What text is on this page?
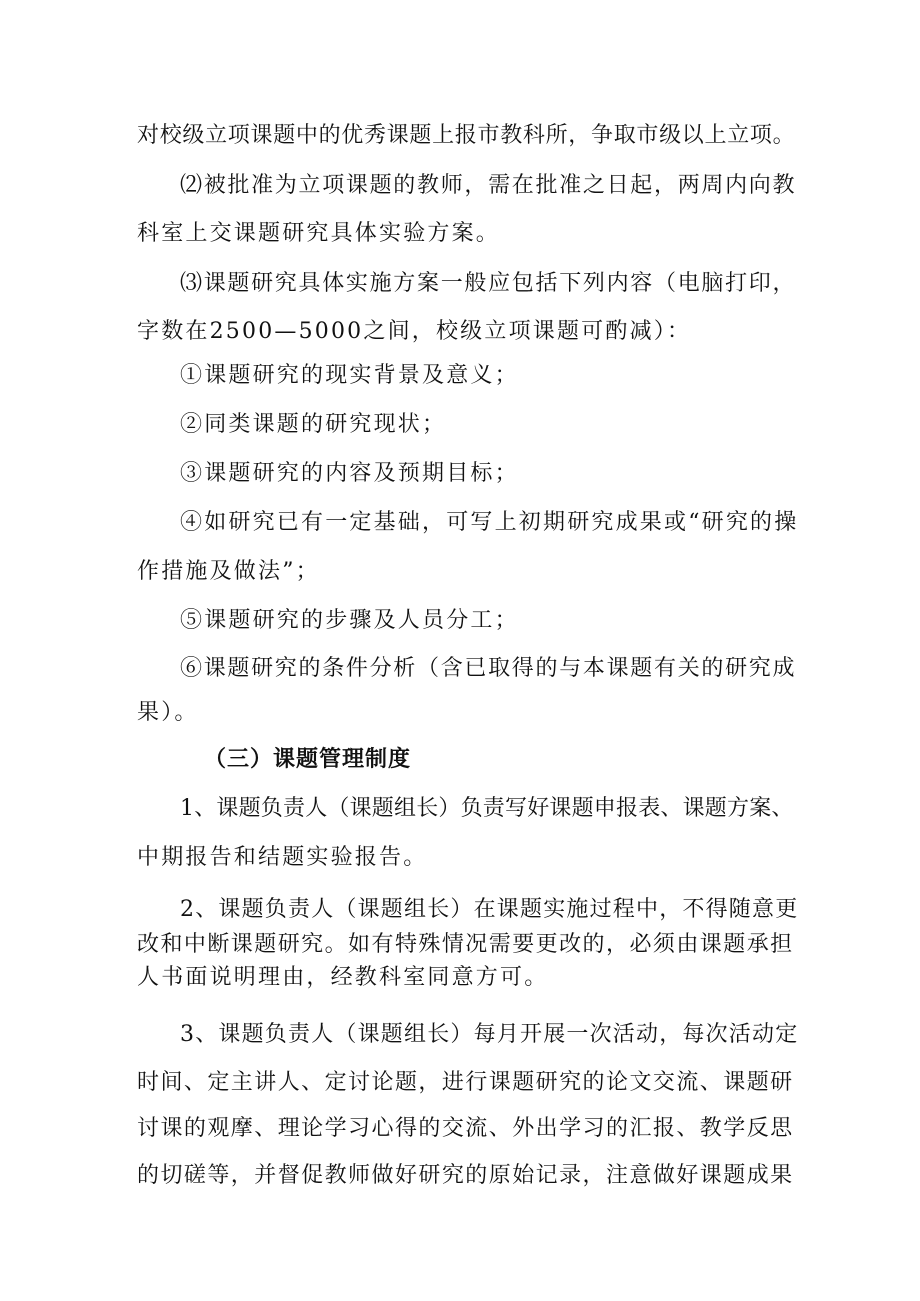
对校级立项课题中的优秀课题上报市教科所，争取市级以上立项。
⑵被批准为立项课题的教师，需在批准之日起，两周内向教
科室上交课题研究具体实验方案。
⑶课题研究具体实施方案一般应包括下列内容（电脑打印，
字数在2500—5000之间，校级立项课题可酌减）：
①课题研究的现实背景及意义；
②同类课题的研究现状；
③课题研究的内容及预期目标；
④如研究已有一定基础，可写上初期研究成果或“研究的操
作措施及做法”；
⑤课题研究的步骤及人员分工；
⑥课题研究的条件分析（含已取得的与本课题有关的研究成
果）。
（三）课题管理制度
1、课题负责人（课题组长）负责写好课题申报表、课题方案、
中期报告和结题实验报告。
2、课题负责人（课题组长）在课题实施过程中，不得随意更
改和中断课题研究。如有特殊情况需要更改的，必须由课题承担
人书面说明理由，经教科室同意方可。
3、课题负责人（课题组长）每月开展一次活动，每次活动定
时间、定主讲人、定讨论题，进行课题研究的论文交流、课题研
讨课的观摩、理论学习心得的交流、外出学习的汇报、教学反思
的切磋等，并督促教师做好研究的原始记录，注意做好课题成果
